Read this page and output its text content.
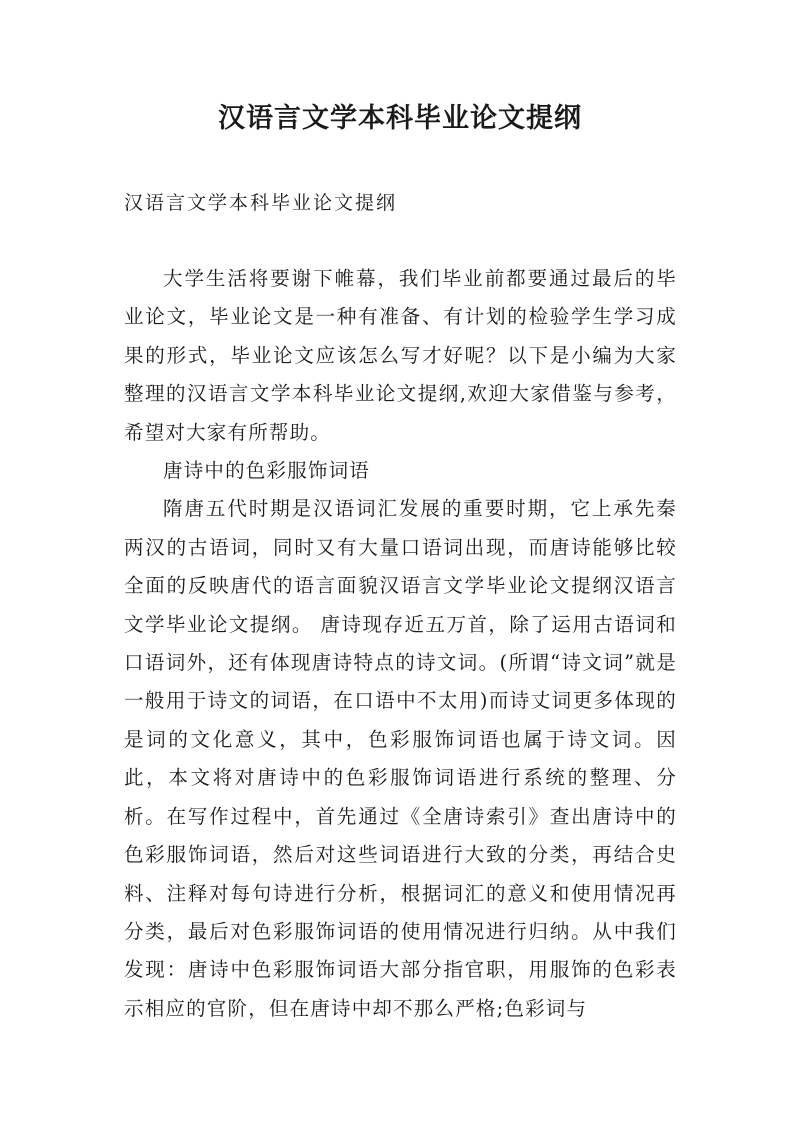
汉语言文学本科毕业论文提纲

汉语言文学本科毕业论文提纲

大学生活将要谢下帷幕，我们毕业前都要通过最后的毕业论文，毕业论文是一种有准备、有计划的检验学生学习成果的形式，毕业论文应该怎么写才好呢？以下是小编为大家整理的汉语言文学本科毕业论文提纲,欢迎大家借鉴与参考，希望对大家有所帮助。

唐诗中的色彩服饰词语

隋唐五代时期是汉语词汇发展的重要时期，它上承先秦两汉的古语词，同时又有大量口语词出现，而唐诗能够比较全面的反映唐代的语言面貌汉语言文学毕业论文提纲汉语言文学毕业论文提纲。 唐诗现存近五万首，除了运用古语词和口语词外，还有体现唐诗特点的诗文词。(所谓“诗文词”就是一般用于诗文的词语，在口语中不太用)而诗丈词更多体现的是词的文化意义，其中，色彩服饰词语也属于诗文词。因此，本文将对唐诗中的色彩服饰词语进行系统的整理、分析。在写作过程中，首先通过《全唐诗索引》查出唐诗中的色彩服饰词语，然后对这些词语进行大致的分类，再结合史料、注释对每句诗进行分析，根据词汇的意义和使用情况再分类，最后对色彩服饰词语的使用情况进行归纳。从中我们发现：唐诗中色彩服饰词语大部分指官职，用服饰的色彩表示相应的官阶，但在唐诗中却不那么严格;色彩词与
